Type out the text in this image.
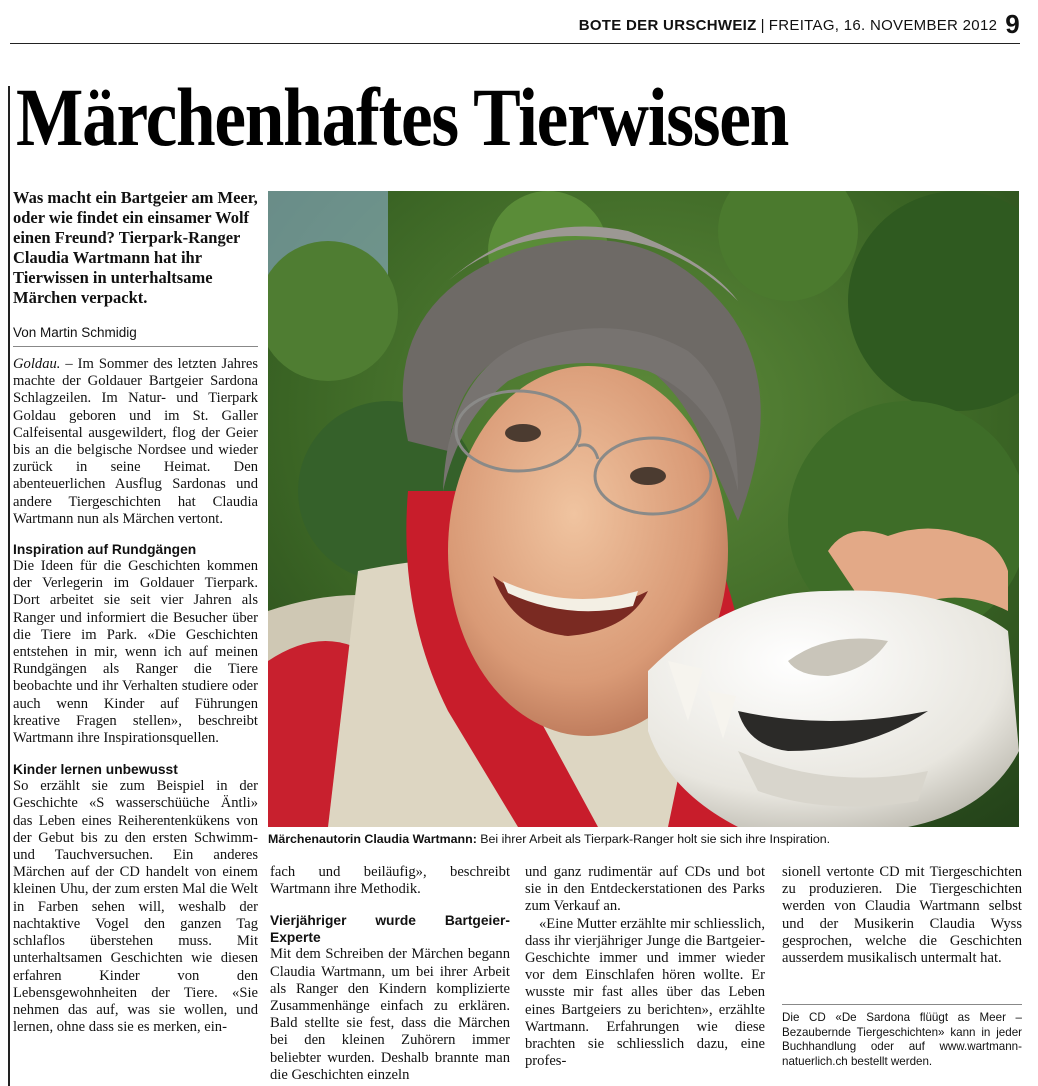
BOTE DER URSCHWEIZ | FREITAG, 16. NOVEMBER 2012 9
Märchenhaftes Tierwissen
Was macht ein Bartgeier am Meer, oder wie findet ein einsamer Wolf einen Freund? Tierpark-Ranger Claudia Wartmann hat ihr Tierwissen in unterhaltsame Märchen verpackt.
Von Martin Schmidig

Goldau. – Im Sommer des letzten Jahres machte der Goldauer Bartgeier Sardona Schlagzeilen. Im Natur- und Tierpark Goldau geboren und im St. Galler Calfeisental ausgewildert, flog der Geier bis an die belgische Nordsee und wieder zurück in seine Heimat. Den abenteuerlichen Ausflug Sardonas und andere Tiergeschichten hat Claudia Wartmann nun als Märchen vertont.

Inspiration auf Rundgängen

Die Ideen für die Geschichten kommen der Verlegerin im Goldauer Tierpark. Dort arbeitet sie seit vier Jahren als Ranger und informiert die Besucher über die Tiere im Park. «Die Geschichten entstehen in mir, wenn ich auf meinen Rundgängen als Ranger die Tiere beobachte und ihr Verhalten studiere oder auch wenn Kinder auf Führungen kreative Fragen stellen», beschreibt Wartmann ihre Inspirationsquellen.

Kinder lernen unbewusst

So erzählt sie zum Beispiel in der Geschichte «S wasserschüüche Äntli» das Leben eines Reiherentenkükens von der Gebut bis zu den ersten Schwimm- und Tauchversuchen. Ein anderes Märchen auf der CD handelt von einem kleinen Uhu, der zum ersten Mal die Welt in Farben sehen will, weshalb der nachtaktive Vogel den ganzen Tag schlaflos überstehen muss. Mit unterhaltsamen Geschichten wie diesen erfahren Kinder von den Lebensgewohnheiten der Tiere. «Sie nehmen das auf, was sie wollen, und lernen, ohne dass sie es merken, ein-

Märchenautorin Claudia Wartmann: Bei ihrer Arbeit als Tierpark-Ranger holt sie sich ihre Inspiration.

fach und beiläufig», beschreibt Wartmann ihre Methodik.

Vierjähriger wurde Bartgeier-Experte

Mit dem Schreiben der Märchen begann Claudia Wartmann, um bei ihrer Arbeit als Ranger den Kindern komplizierte Zusammenhänge einfach zu erklären. Bald stellte sie fest, dass die Märchen bei den kleinen Zuhörern immer beliebter wurden. Deshalb brannte man die Geschichten einzeln

und ganz rudimentär auf CDs und bot sie in den Entdeckerstationen des Parks zum Verkauf an.

«Eine Mutter erzählte mir schliesslich, dass ihr vierjähriger Junge die Bartgeier-Geschichte immer und immer wieder vor dem Einschlafen hören wollte. Er wusste mir fast alles über das Leben eines Bartgeiers zu berichten», erzählte Wartmann. Erfahrungen wie diese brachten sie schliesslich dazu, eine profes-

sionell vertonte CD mit Tiergeschichten zu produzieren. Die Tiergeschichten werden von Claudia Wartmann selbst und der Musikerin Claudia Wyss gesprochen, welche die Geschichten ausserdem musikalisch untermalt hat.

Die CD «De Sardona flüügt as Meer – Bezaubernde Tiergeschichten» kann in jeder Buchhandlung oder auf www.wartmann-natuerlich.ch bestellt werden.
